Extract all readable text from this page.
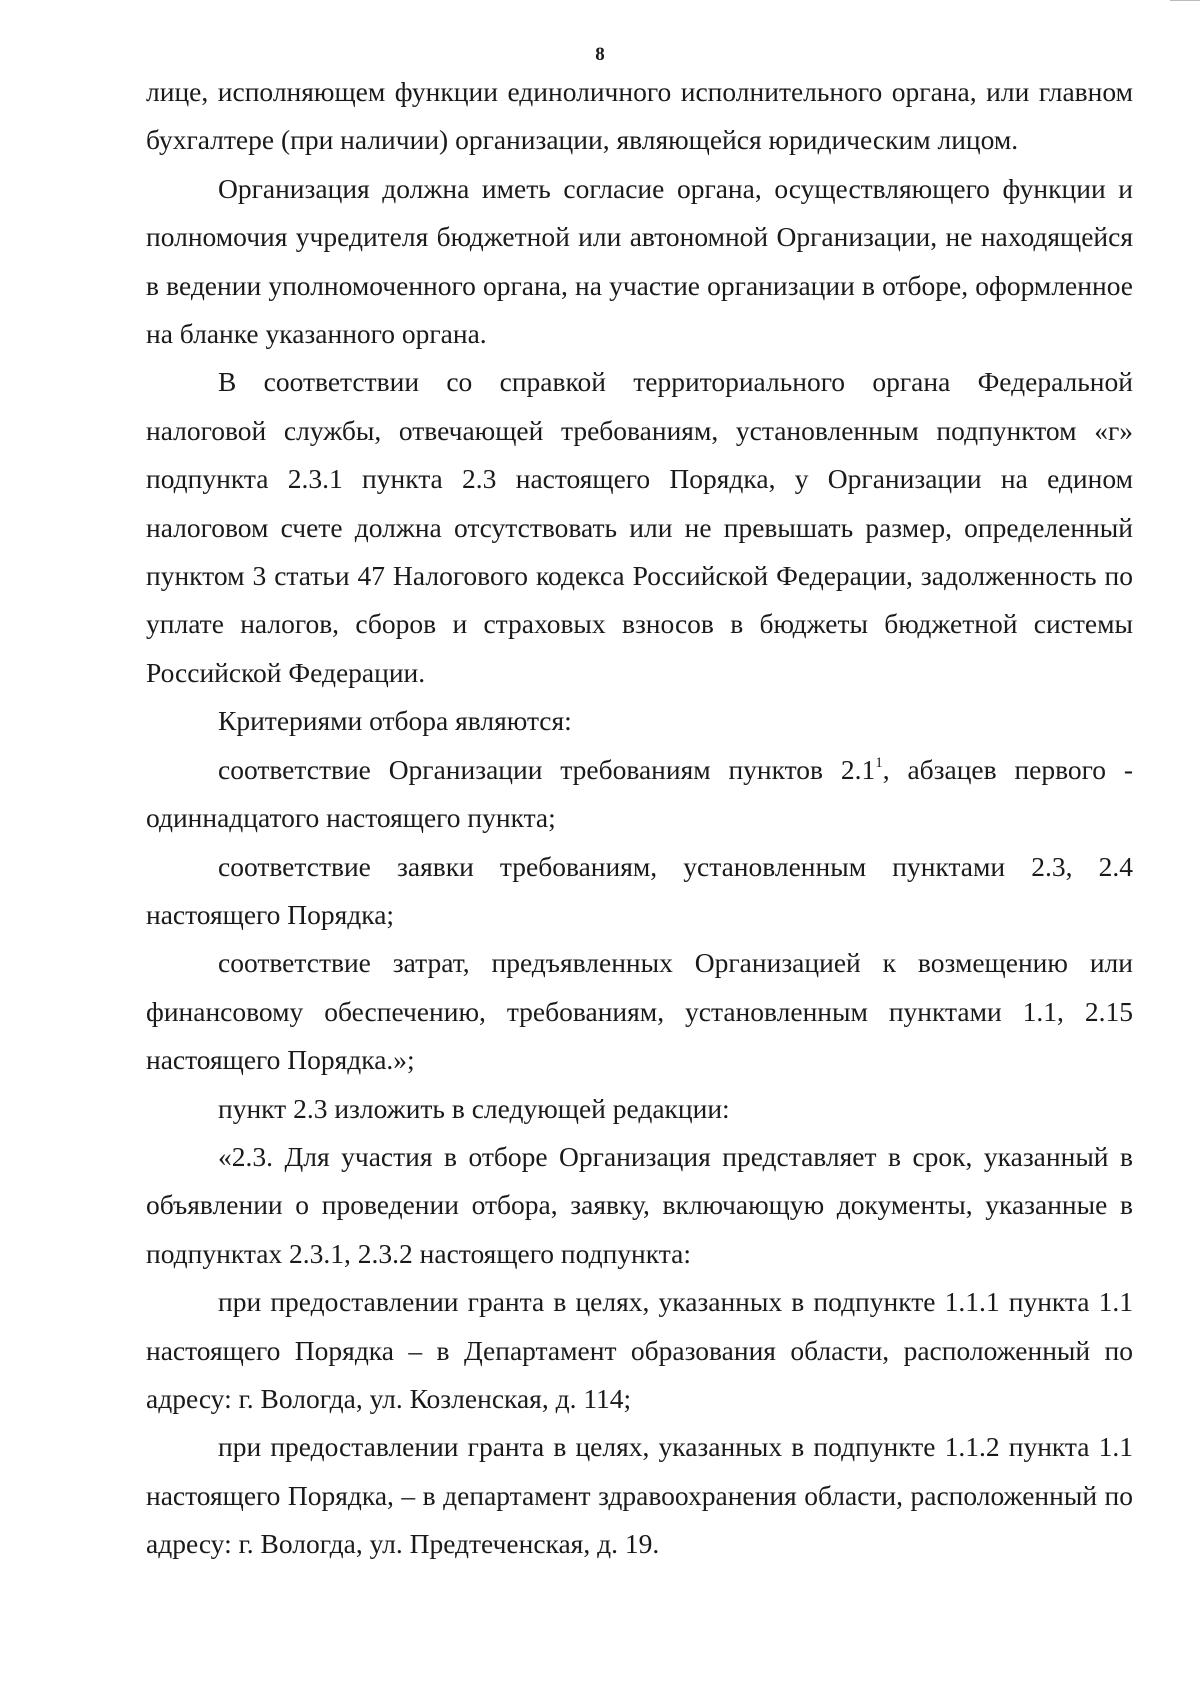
8

лице, исполняющем функции единоличного исполнительного органа, или главном бухгалтере (при наличии) организации, являющейся юридическим лицом.

Организация должна иметь согласие органа, осуществляющего функции и полномочия учредителя бюджетной или автономной Организации, не находящейся в ведении уполномоченного органа, на участие организации в отборе, оформленное на бланке указанного органа.

В соответствии со справкой территориального органа Федеральной налоговой службы, отвечающей требованиям, установленным подпунктом «г» подпункта 2.3.1 пункта 2.3 настоящего Порядка, у Организации на едином налоговом счете должна отсутствовать или не превышать размер, определенный пунктом 3 статьи 47 Налогового кодекса Российской Федерации, задолженность по уплате налогов, сборов и страховых взносов в бюджеты бюджетной системы Российской Федерации.

Критериями отбора являются:

соответствие Организации требованиям пунктов $2.1^1$, абзацев первого - одиннадцатого настоящего пункта;

соответствие заявки требованиям, установленным пунктами 2.3, 2.4 настоящего Порядка;

соответствие затрат, предъявленных Организацией к возмещению или финансовому обеспечению, требованиям, установленным пунктами 1.1, 2.15 настоящего Порядка.»;

пункт 2.3 изложить в следующей редакции:

«2.3. Для участия в отборе Организация представляет в срок, указанный в объявлении о проведении отбора, заявку, включающую документы, указанные в подпунктах 2.3.1, 2.3.2 настоящего подпункта:

при предоставлении гранта в целях, указанных в подпункте 1.1.1 пункта 1.1 настоящего Порядка – в Департамент образования области, расположенный по адресу: г. Вологда, ул. Козленская, д. 114;

при предоставлении гранта в целях, указанных в подпункте 1.1.2 пункта 1.1 настоящего Порядка, – в департамент здравоохранения области, расположенный по адресу: г. Вологда, ул. Предтеченская, д. 19.
